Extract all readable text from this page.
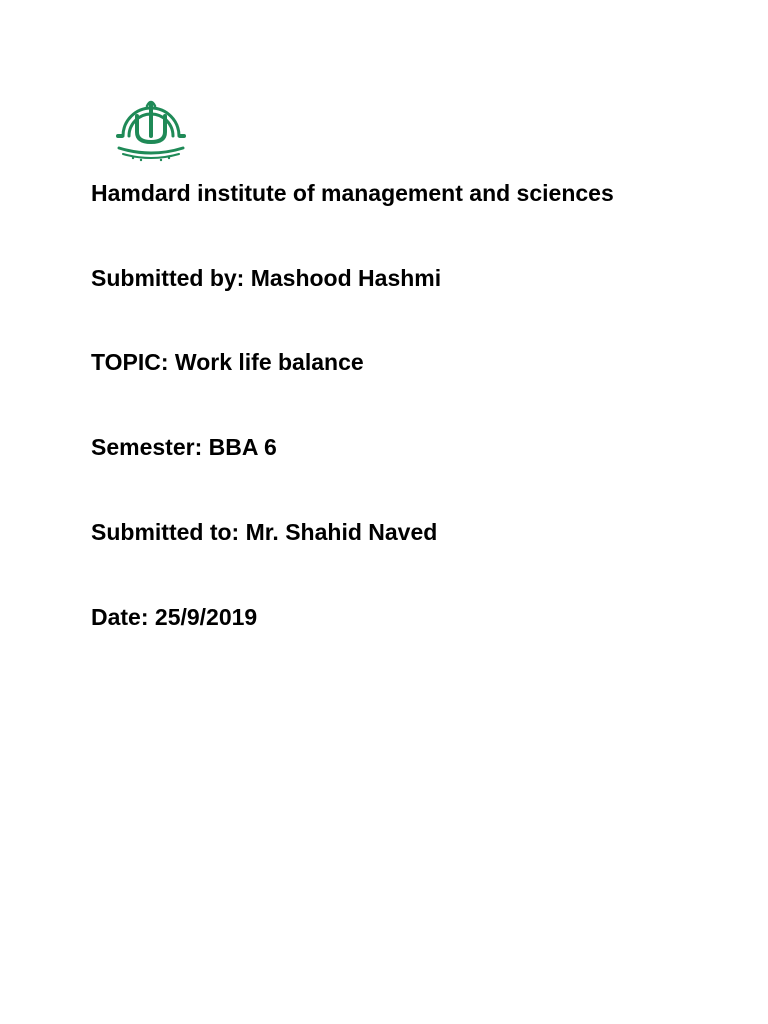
Hamdard institute of management and sciences

Submitted by: Mashood Hashmi

TOPIC: Work life balance

Semester: BBA 6

Submitted to: Mr. Shahid Naved

Date: 25/9/2019
